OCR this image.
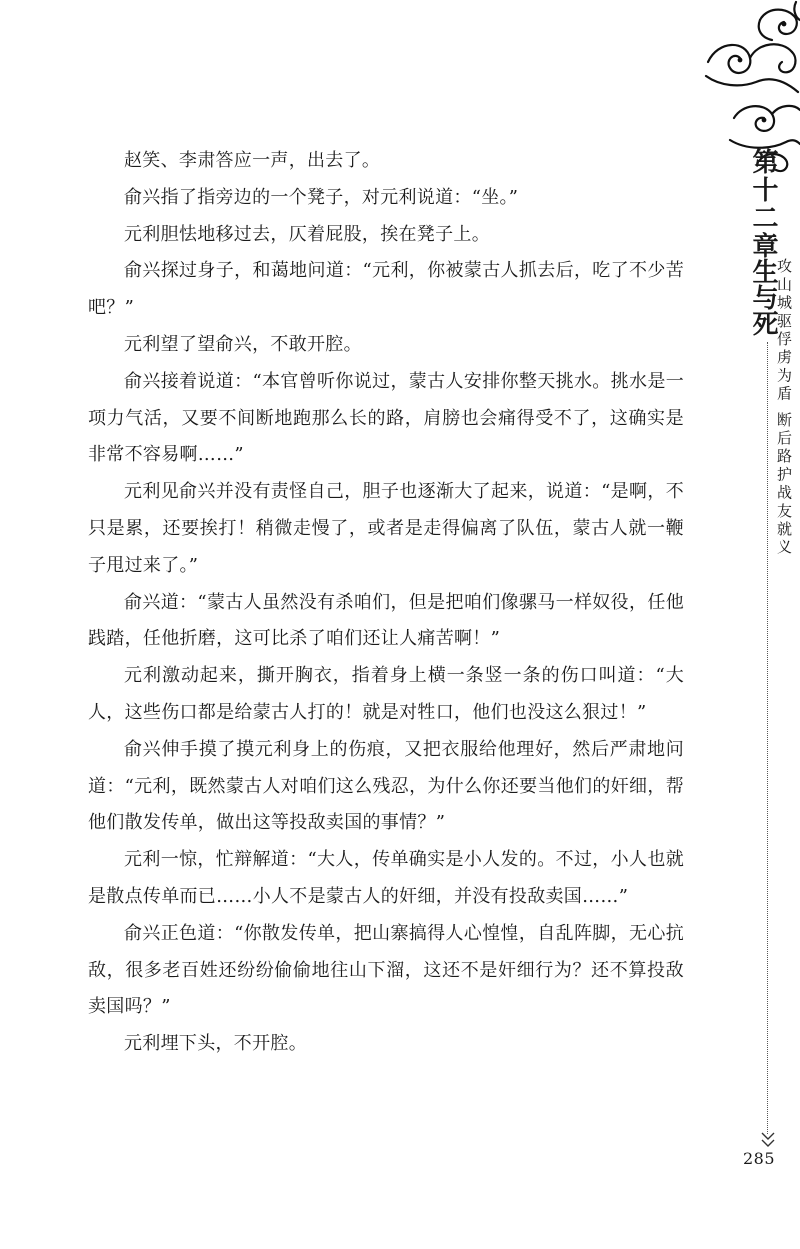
第十二章
生与死
攻山城驱俘虏为盾 断后路护战友就义
285

赵笑、李肃答应一声，出去了。

俞兴指了指旁边的一个凳子，对元利说道：“坐。”

元利胆怯地移过去，仄着屁股，挨在凳子上。

俞兴探过身子，和蔼地问道：“元利，你被蒙古人抓去后，吃了不少苦吧？”

元利望了望俞兴，不敢开腔。

俞兴接着说道：“本官曾听你说过，蒙古人安排你整天挑水。挑水是一项力气活，又要不间断地跑那么长的路，肩膀也会痛得受不了，这确实是非常不容易啊……”

元利见俞兴并没有责怪自己，胆子也逐渐大了起来，说道：“是啊，不只是累，还要挨打！稍微走慢了，或者是走得偏离了队伍，蒙古人就一鞭子甩过来了。”

俞兴道：“蒙古人虽然没有杀咱们，但是把咱们像骡马一样奴役，任他践踏，任他折磨，这可比杀了咱们还让人痛苦啊！”

元利激动起来，撕开胸衣，指着身上横一条竖一条的伤口叫道：“大人，这些伤口都是给蒙古人打的！就是对牲口，他们也没这么狠过！”

俞兴伸手摸了摸元利身上的伤痕，又把衣服给他理好，然后严肃地问道：“元利，既然蒙古人对咱们这么残忍，为什么你还要当他们的奸细，帮他们散发传单，做出这等投敌卖国的事情？”

元利一惊，忙辩解道：“大人，传单确实是小人发的。不过，小人也就是散点传单而已……小人不是蒙古人的奸细，并没有投敌卖国……”

俞兴正色道：“你散发传单，把山寨搞得人心惶惶，自乱阵脚，无心抗敌，很多老百姓还纷纷偷偷地往山下溜，这还不是奸细行为？还不算投敌卖国吗？”

元利埋下头，不开腔。
